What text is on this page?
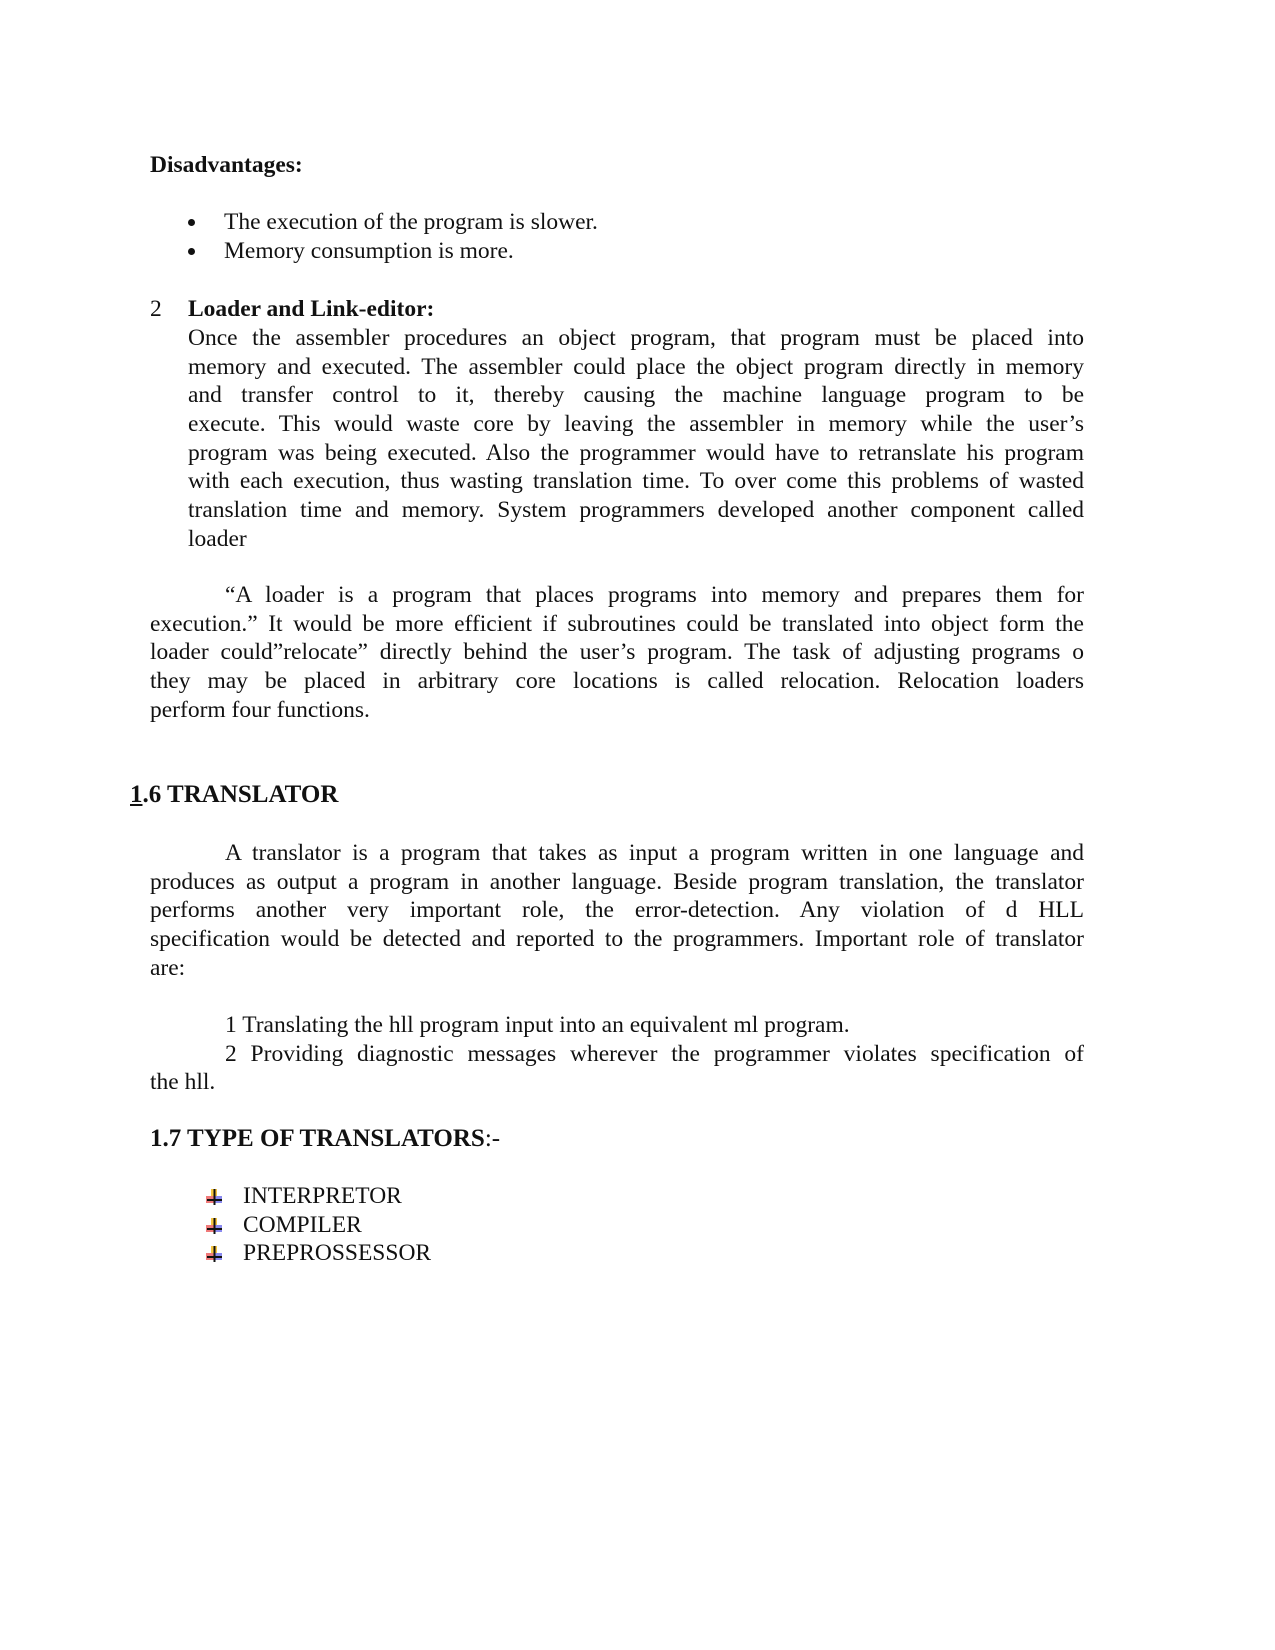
Disadvantages:
The execution of the program is slower.
Memory consumption is more.
2 Loader and Link-editor:
Once the assembler procedures an object program, that program must be placed into
memory and executed. The assembler could place the object program directly in memory
and transfer control to it, thereby causing the machine language program to be
execute. This would waste core by leaving the assembler in memory while the user’s
program was being executed. Also the programmer would have to retranslate his program
with each execution, thus wasting translation time. To over come this problems of wasted
translation time and memory. System programmers developed another component called
loader
“A loader is a program that places programs into memory and prepares them for
execution.” It would be more efficient if subroutines could be translated into object form the
loader could”relocate” directly behind the user’s program. The task of adjusting programs o
they may be placed in arbitrary core locations is called relocation. Relocation loaders
perform four functions.
1.6 TRANSLATOR
A translator is a program that takes as input a program written in one language and
produces as output a program in another language. Beside program translation, the translator
performs another very important role, the error-detection. Any violation of d HLL
specification would be detected and reported to the programmers. Important role of translator
are:
1 Translating the hll program input into an equivalent ml program.
2 Providing diagnostic messages wherever the programmer violates specification of
the hll.
1.7 TYPE OF TRANSLATORS:-
INTERPRETOR
COMPILER
PREPROSSESSOR
